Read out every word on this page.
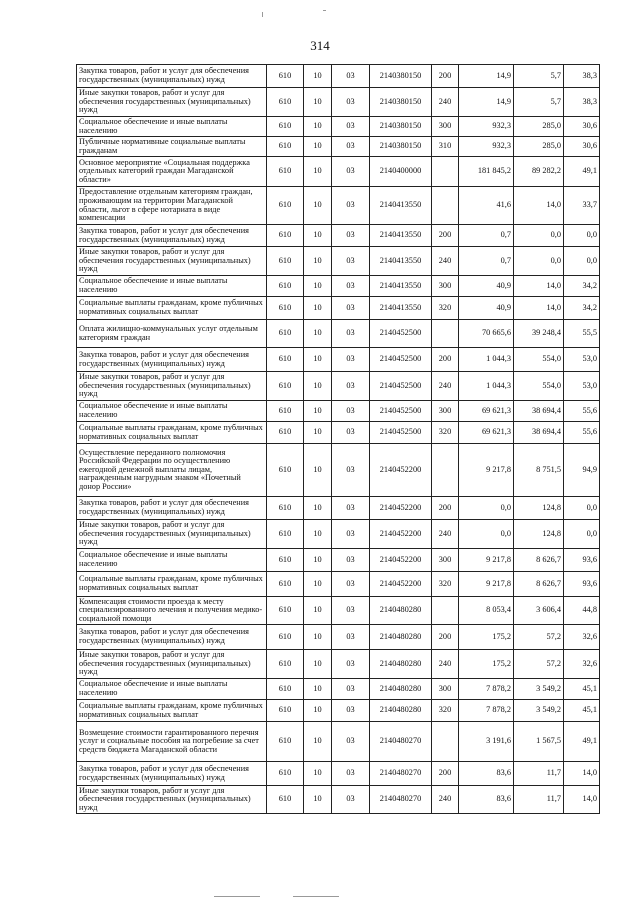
314
Закупка товаров, работ и услуг для обеспечения государственных (муниципальных) нужд	610	10	03	2140380150	200	14,9	5,7	38,3
Иные закупки товаров, работ и услуг для обеспечения государственных (муниципальных) нужд	610	10	03	2140380150	240	14,9	5,7	38,3
Социальное обеспечение и иные выплаты населению	610	10	03	2140380150	300	932,3	285,0	30,6
Публичные нормативные социальные выплаты гражданам	610	10	03	2140380150	310	932,3	285,0	30,6
Основное мероприятие «Социальная поддержка отдельных категорий граждан Магаданской области»	610	10	03	2140400000		181 845,2	89 282,2	49,1
Предоставление отдельным категориям граждан, проживающим на территории Магаданской области, льгот в сфере нотариата в виде компенсации	610	10	03	2140413550		41,6	14,0	33,7
Закупка товаров, работ и услуг для обеспечения государственных (муниципальных) нужд	610	10	03	2140413550	200	0,7	0,0	0,0
Иные закупки товаров, работ и услуг для обеспечения государственных (муниципальных) нужд	610	10	03	2140413550	240	0,7	0,0	0,0
Социальное обеспечение и иные выплаты населению	610	10	03	2140413550	300	40,9	14,0	34,2
Социальные выплаты гражданам, кроме публичных нормативных социальных выплат	610	10	03	2140413550	320	40,9	14,0	34,2
Оплата жилищно-коммунальных услуг отдельным категориям граждан	610	10	03	2140452500		70 665,6	39 248,4	55,5
Закупка товаров, работ и услуг для обеспечения государственных (муниципальных) нужд	610	10	03	2140452500	200	1 044,3	554,0	53,0
Иные закупки товаров, работ и услуг для обеспечения государственных (муниципальных) нужд	610	10	03	2140452500	240	1 044,3	554,0	53,0
Социальное обеспечение и иные выплаты населению	610	10	03	2140452500	300	69 621,3	38 694,4	55,6
Социальные выплаты гражданам, кроме публичных нормативных социальных выплат	610	10	03	2140452500	320	69 621,3	38 694,4	55,6
Осуществление переданного полномочия Российской Федерации по осуществлению ежегодной денежной выплаты лицам, награжденным нагрудным знаком «Почетный донор России»	610	10	03	2140452200		9 217,8	8 751,5	94,9
Закупка товаров, работ и услуг для обеспечения государственных (муниципальных) нужд	610	10	03	2140452200	200	0,0	124,8	0,0
Иные закупки товаров, работ и услуг для обеспечения государственных (муниципальных) нужд	610	10	03	2140452200	240	0,0	124,8	0,0
Социальное обеспечение и иные выплаты населению	610	10	03	2140452200	300	9 217,8	8 626,7	93,6
Социальные выплаты гражданам, кроме публичных нормативных социальных выплат	610	10	03	2140452200	320	9 217,8	8 626,7	93,6
Компенсация стоимости проезда к месту специализированного лечения и получения медико-социальной помощи	610	10	03	2140480280		8 053,4	3 606,4	44,8
Закупка товаров, работ и услуг для обеспечения государственных (муниципальных) нужд	610	10	03	2140480280	200	175,2	57,2	32,6
Иные закупки товаров, работ и услуг для обеспечения государственных (муниципальных) нужд	610	10	03	2140480280	240	175,2	57,2	32,6
Социальное обеспечение и иные выплаты населению	610	10	03	2140480280	300	7 878,2	3 549,2	45,1
Социальные выплаты гражданам, кроме публичных нормативных социальных выплат	610	10	03	2140480280	320	7 878,2	3 549,2	45,1
Возмещение стоимости гарантированного перечня услуг и социальные пособия на погребение за счет средств бюджета Магаданской области	610	10	03	2140480270		3 191,6	1 567,5	49,1
Закупка товаров, работ и услуг для обеспечения государственных (муниципальных) нужд	610	10	03	2140480270	200	83,6	11,7	14,0
Иные закупки товаров, работ и услуг для обеспечения государственных (муниципальных) нужд	610	10	03	2140480270	240	83,6	11,7	14,0
